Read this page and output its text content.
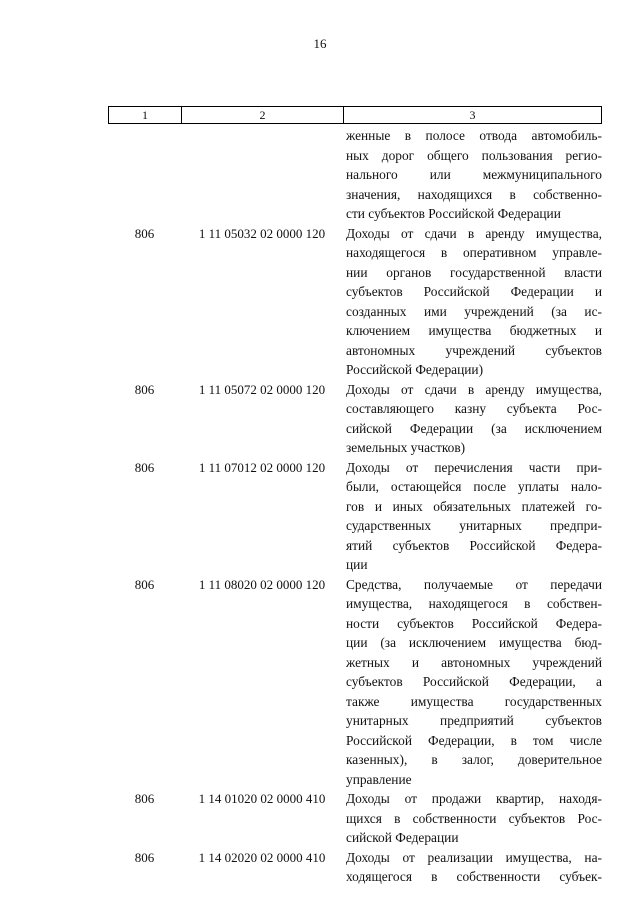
16
1	2	3
женные в полосе отвода автомобиль-
ных дорог общего пользования регио-
нального или межмуниципального
значения, находящихся в собственно-
сти субъектов Российской Федерации
806	1 11 05032 02 0000 120	Доходы от сдачи в аренду имущества,
находящегося в оперативном управле-
нии органов государственной власти
субъектов Российской Федерации и
созданных ими учреждений (за ис-
ключением имущества бюджетных и
автономных учреждений субъектов
Российской Федерации)
806	1 11 05072 02 0000 120	Доходы от сдачи в аренду имущества,
составляющего казну субъекта Рос-
сийской Федерации (за исключением
земельных участков)
806	1 11 07012 02 0000 120	Доходы от перечисления части при-
были, остающейся после уплаты нало-
гов и иных обязательных платежей го-
сударственных унитарных предпри-
ятий субъектов Российской Федера-
ции
806	1 11 08020 02 0000 120	Средства, получаемые от передачи
имущества, находящегося в собствен-
ности субъектов Российской Федера-
ции (за исключением имущества бюд-
жетных и автономных учреждений
субъектов Российской Федерации, а
также имущества государственных
унитарных предприятий субъектов
Российской Федерации, в том числе
казенных), в залог, доверительное
управление
806	1 14 01020 02 0000 410	Доходы от продажи квартир, находя-
щихся в собственности субъектов Рос-
сийской Федерации
806	1 14 02020 02 0000 410	Доходы от реализации имущества, на-
ходящегося в собственности субъек-
